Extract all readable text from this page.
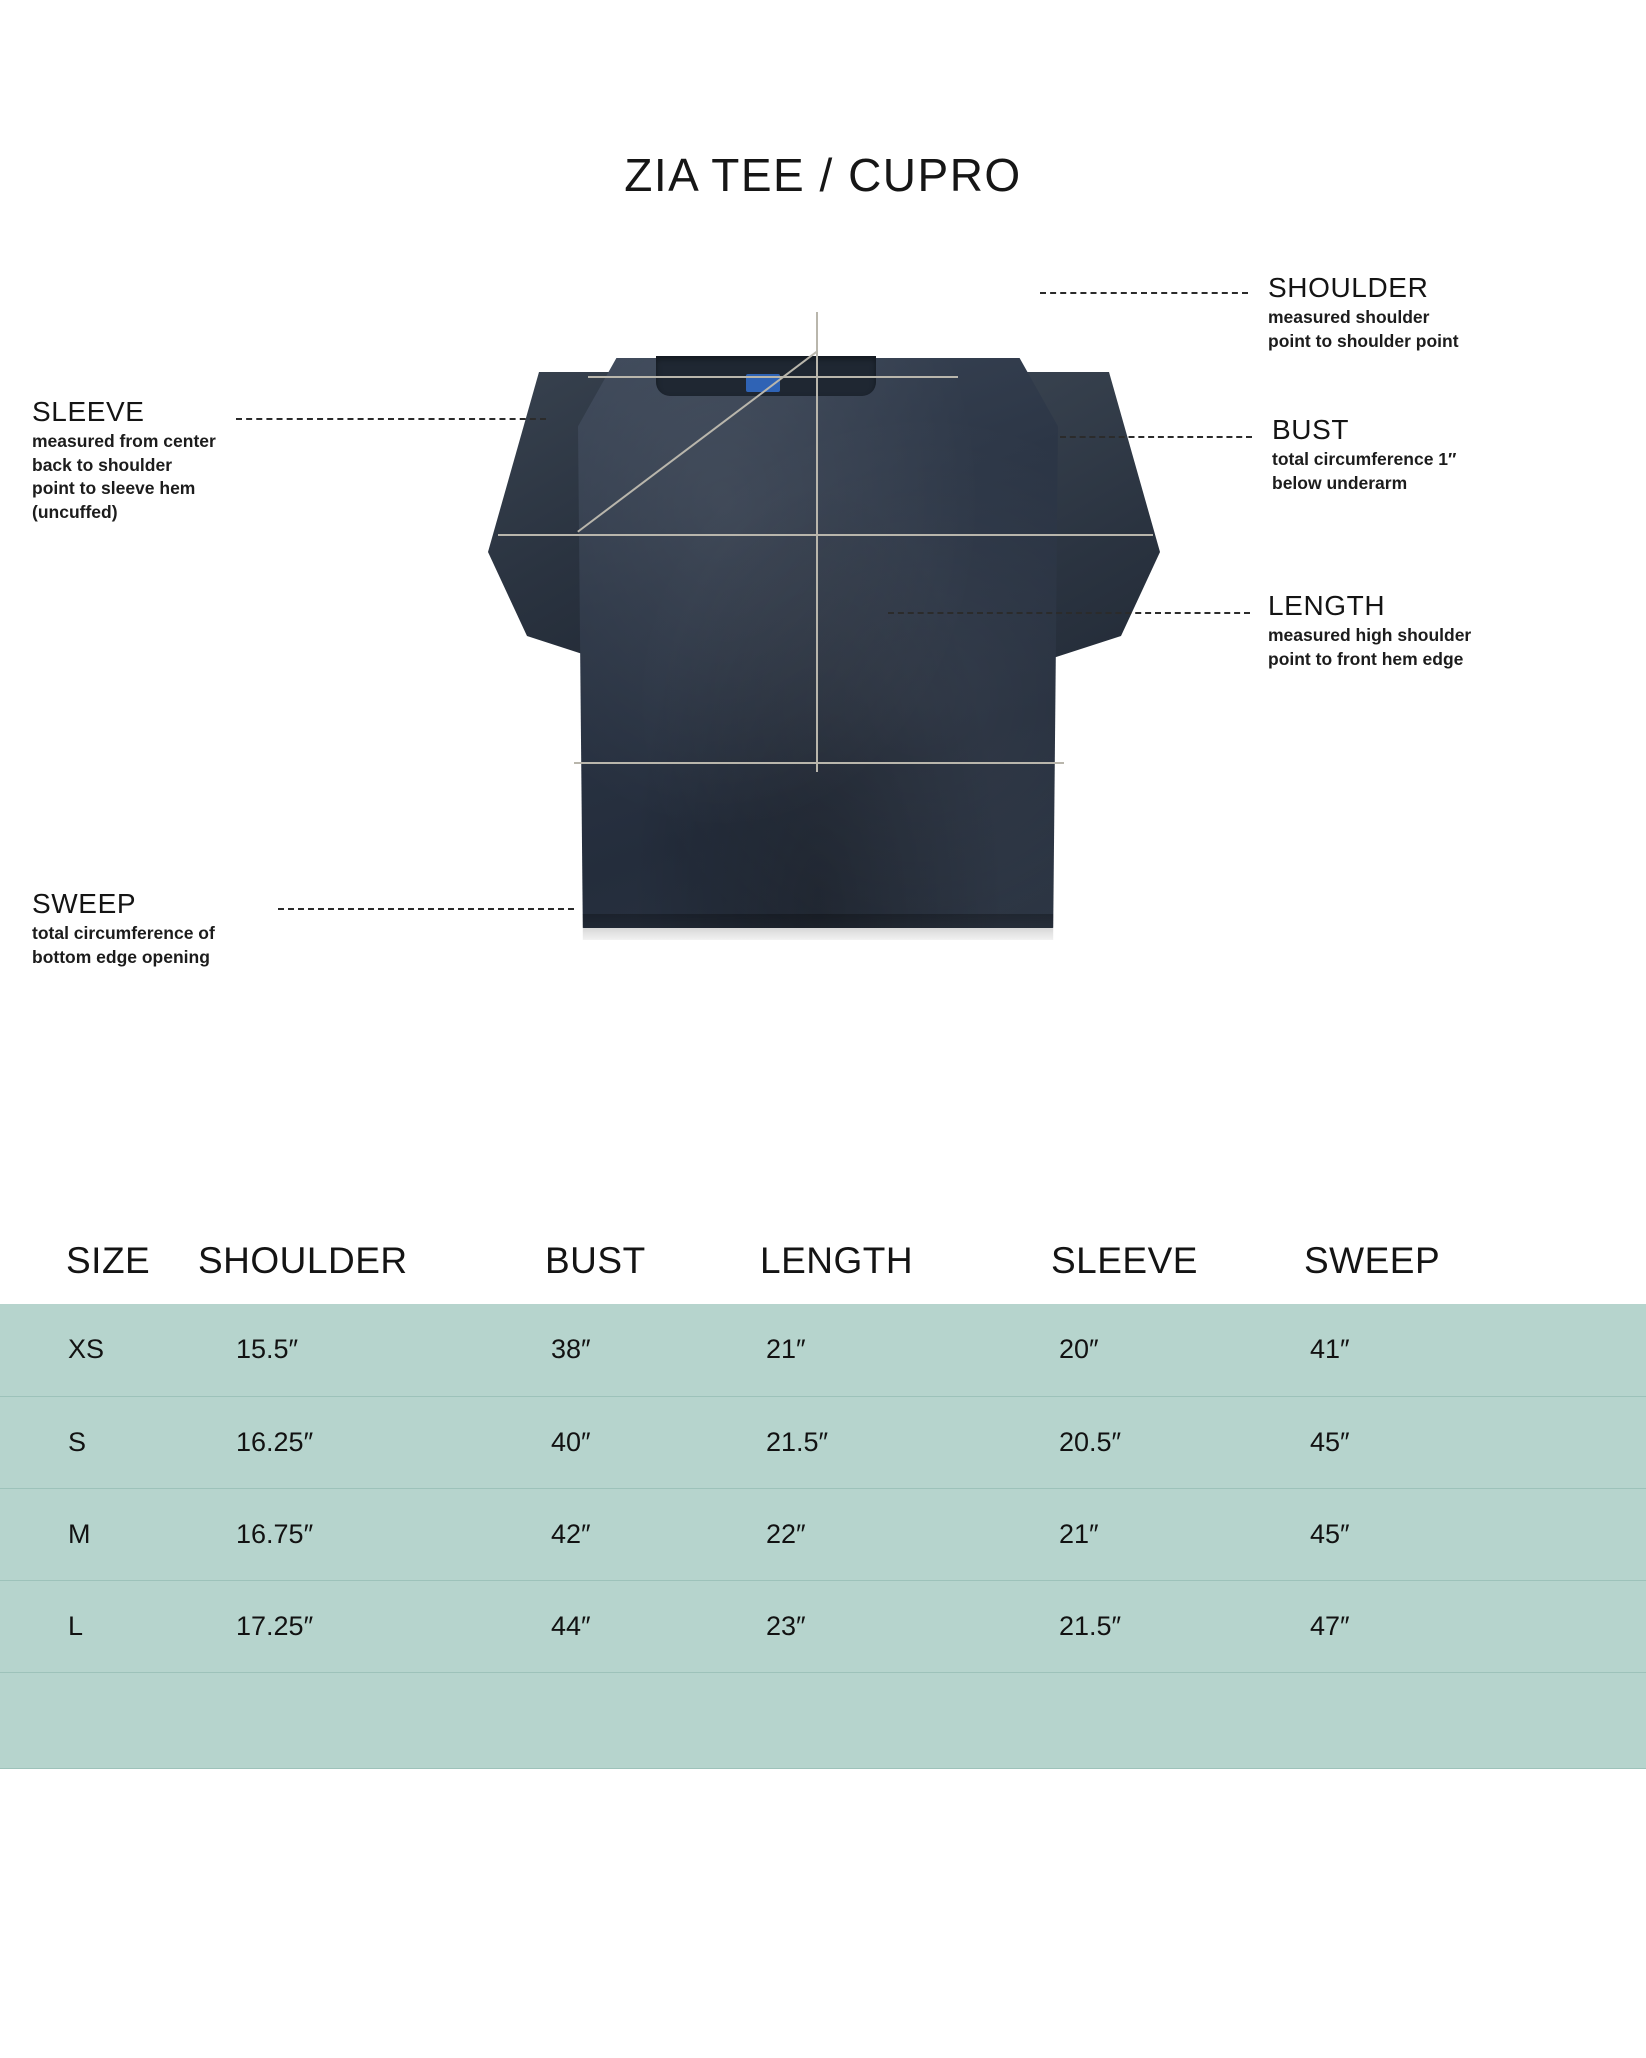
ZIA TEE / CUPRO
SHOULDER
measured shoulder
point to shoulder point
BUST
total circumference 1″
below underarm
LENGTH
measured high shoulder
point to front hem edge
SLEEVE
measured from center
back to shoulder
point to sleeve hem
(uncuffed)
SWEEP
total circumference of
bottom edge opening
SIZE	SHOULDER	BUST	LENGTH	SLEEVE	SWEEP
XS	15.5″	38″	21″	20″	41″
S	16.25″	40″	21.5″	20.5″	45″
M	16.75″	42″	22″	21″	45″
L	17.25″	44″	23″	21.5″	47″
